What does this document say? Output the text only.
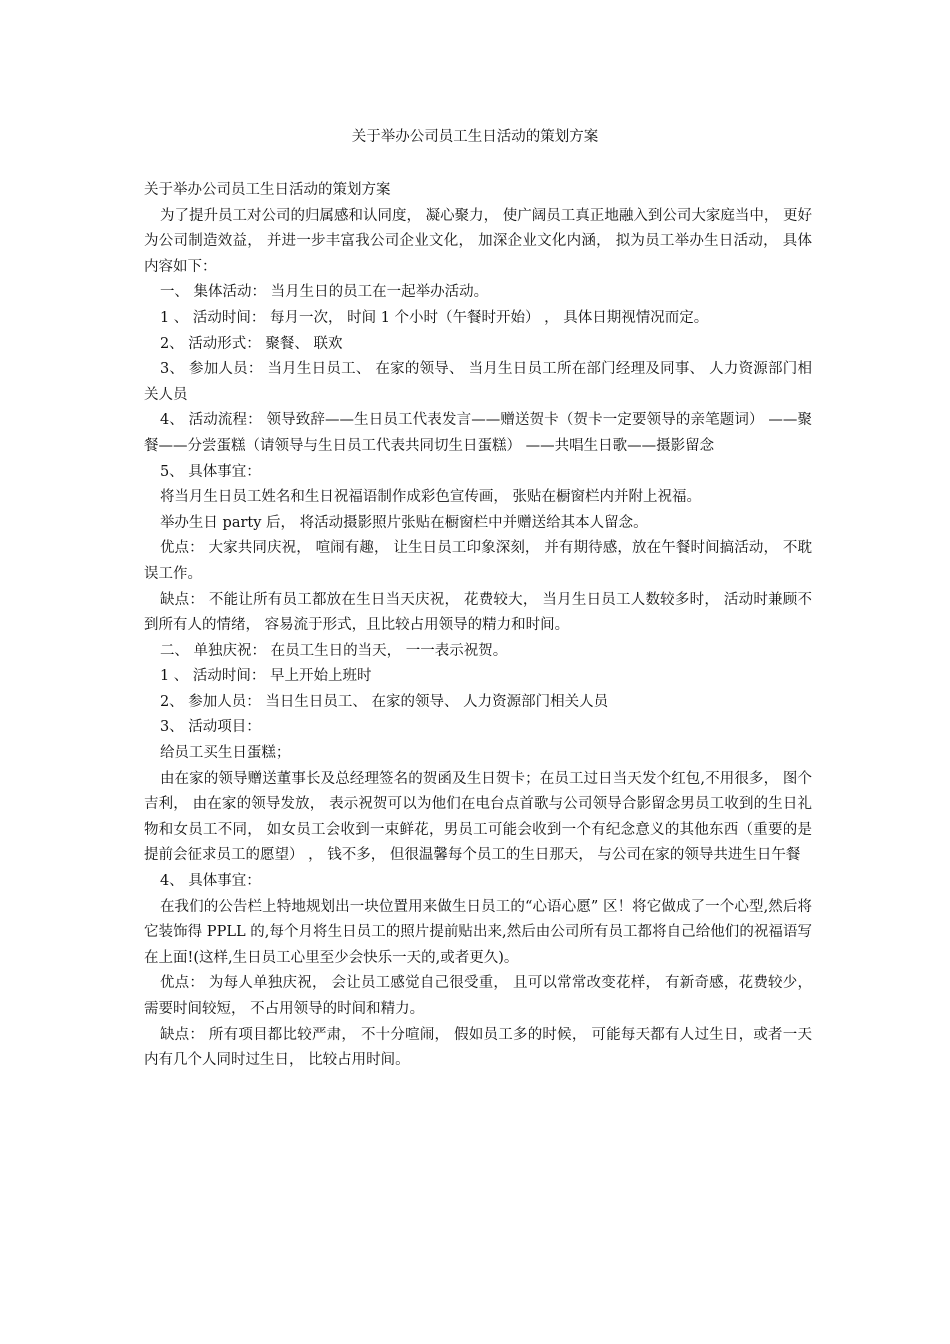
关于举办公司员工生日活动的策划方案

关于举办公司员工生日活动的策划方案

为了提升员工对公司的归属感和认同度， 凝心聚力， 使广阔员工真正地融入到公司大家庭当中， 更好为公司制造效益， 并进一步丰富我公司企业文化， 加深企业文化内涵， 拟为员工举办生日活动， 具体内容如下：

一、 集体活动： 当月生日的员工在一起举办活动。

1 、 活动时间： 每月一次， 时间 1 个小时（午餐时开始） ， 具体日期视情况而定。

2、 活动形式： 聚餐、 联欢

3、 参加人员： 当月生日员工、 在家的领导、 当月生日员工所在部门经理及同事、 人力资源部门相关人员

4、 活动流程： 领导致辞——生日员工代表发言——赠送贺卡（贺卡一定要领导的亲笔题词） ——聚餐——分尝蛋糕（请领导与生日员工代表共同切生日蛋糕） ——共唱生日歌——摄影留念

5、 具体事宜：

将当月生日员工姓名和生日祝福语制作成彩色宣传画， 张贴在橱窗栏内并附上祝福。

举办生日 party 后， 将活动摄影照片张贴在橱窗栏中并赠送给其本人留念。

优点： 大家共同庆祝， 喧闹有趣， 让生日员工印象深刻， 并有期待感，放在午餐时间搞活动， 不耽误工作。

缺点： 不能让所有员工都放在生日当天庆祝， 花费较大， 当月生日员工人数较多时， 活动时兼顾不到所有人的情绪， 容易流于形式，且比较占用领导的精力和时间。

二、 单独庆祝： 在员工生日的当天， 一一表示祝贺。

1 、 活动时间： 早上开始上班时

2、 参加人员： 当日生日员工、 在家的领导、 人力资源部门相关人员

3、 活动项目：

给员工买生日蛋糕；

由在家的领导赠送董事长及总经理签名的贺函及生日贺卡；在员工过日当天发个红包,不用很多， 图个吉利， 由在家的领导发放， 表示祝贺可以为他们在电台点首歌与公司领导合影留念男员工收到的生日礼物和女员工不同， 如女员工会收到一束鲜花，男员工可能会收到一个有纪念意义的其他东西（重要的是提前会征求员工的愿望） ， 钱不多， 但很温馨每个员工的生日那天， 与公司在家的领导共进生日午餐

4、 具体事宜：

在我们的公告栏上特地规划出一块位置用来做生日员工的“心语心愿” 区！将它做成了一个心型,然后将它装饰得 PPLL 的,每个月将生日员工的照片提前贴出来,然后由公司所有员工都将自己给他们的祝福语写在上面!(这样,生日员工心里至少会快乐一天的,或者更久)。

优点： 为每人单独庆祝， 会让员工感觉自己很受重， 且可以常常改变花样， 有新奇感，花费较少， 需要时间较短， 不占用领导的时间和精力。

缺点： 所有项目都比较严肃， 不十分喧闹， 假如员工多的时候， 可能每天都有人过生日，或者一天内有几个人同时过生日， 比较占用时间。
